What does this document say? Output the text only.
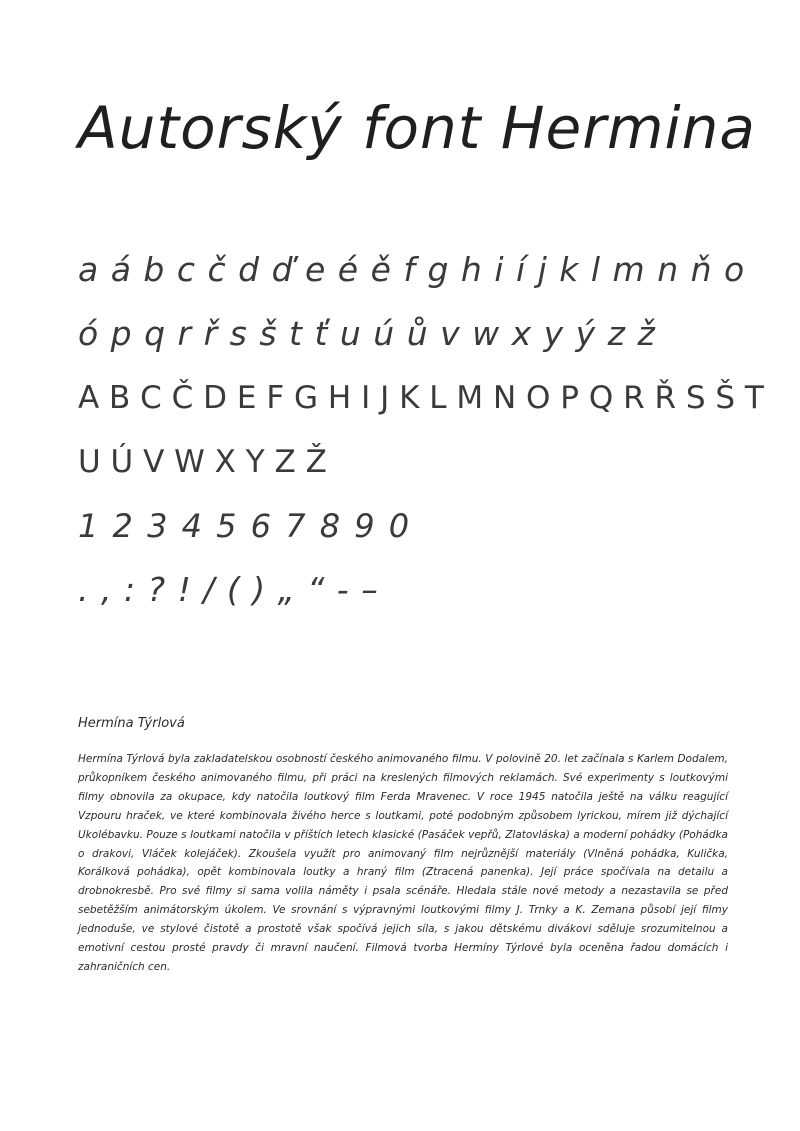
Autorský font Hermina
a á b c č d ď e é ě f g h i í j k l m n ň o
ó p q r ř s š t ť u ú ů v w x y ý z ž
A B C Č D E F G H I J K L M N O P Q R Ř S Š T
U Ú V W X Y Z Ž
1 2 3 4 5 6 7 8 9 0
. , : ? ! / ( ) „ “ - –
Hermína Týrlová

Hermína Týrlová byla zakladatelskou osobností českého animovaného filmu. V polovině 20. let začínala s Karlem Dodalem, průkopníkem českého animovaného filmu, při práci na kreslených filmových reklamách. Své experimenty s loutkovými filmy obnovila za okupace, kdy natočila loutkový film Ferda Mravenec. V roce 1945 natočila ještě na válku reagující Vzpouru hraček, ve které kombinovala živého herce s loutkami, poté podobným způsobem lyrickou, mírem již dýchající Ukolébavku. Pouze s loutkami natočila v příštích letech klasické (Pasáček vepřů, Zlatovláska) a moderní pohádky (Pohádka o drakovi, Vláček kolejáček). Zkoušela využít pro animovaný film nejrůznější materiály (Vlněná pohádka, Kulička, Korálková pohádka), opět kombinovala loutky a hraný film (Ztracená panenka). Její práce spočívala na detailu a drobnokresbě. Pro své filmy si sama volila náměty i psala scénáře. Hledala stále nové metody a nezastavila se před sebetěžším animátorským úkolem. Ve srovnání s výpravnými loutkovými filmy J. Trnky a K. Zemana působí její filmy jednoduše, ve stylové čistotě a prostotě však spočívá jejich síla, s jakou dětskému divákovi sděluje srozumitelnou a emotivní cestou prosté pravdy či mravní naučení. Filmová tvorba Hermíny Týrlové byla oceněna řadou domácích i zahraničních cen.
